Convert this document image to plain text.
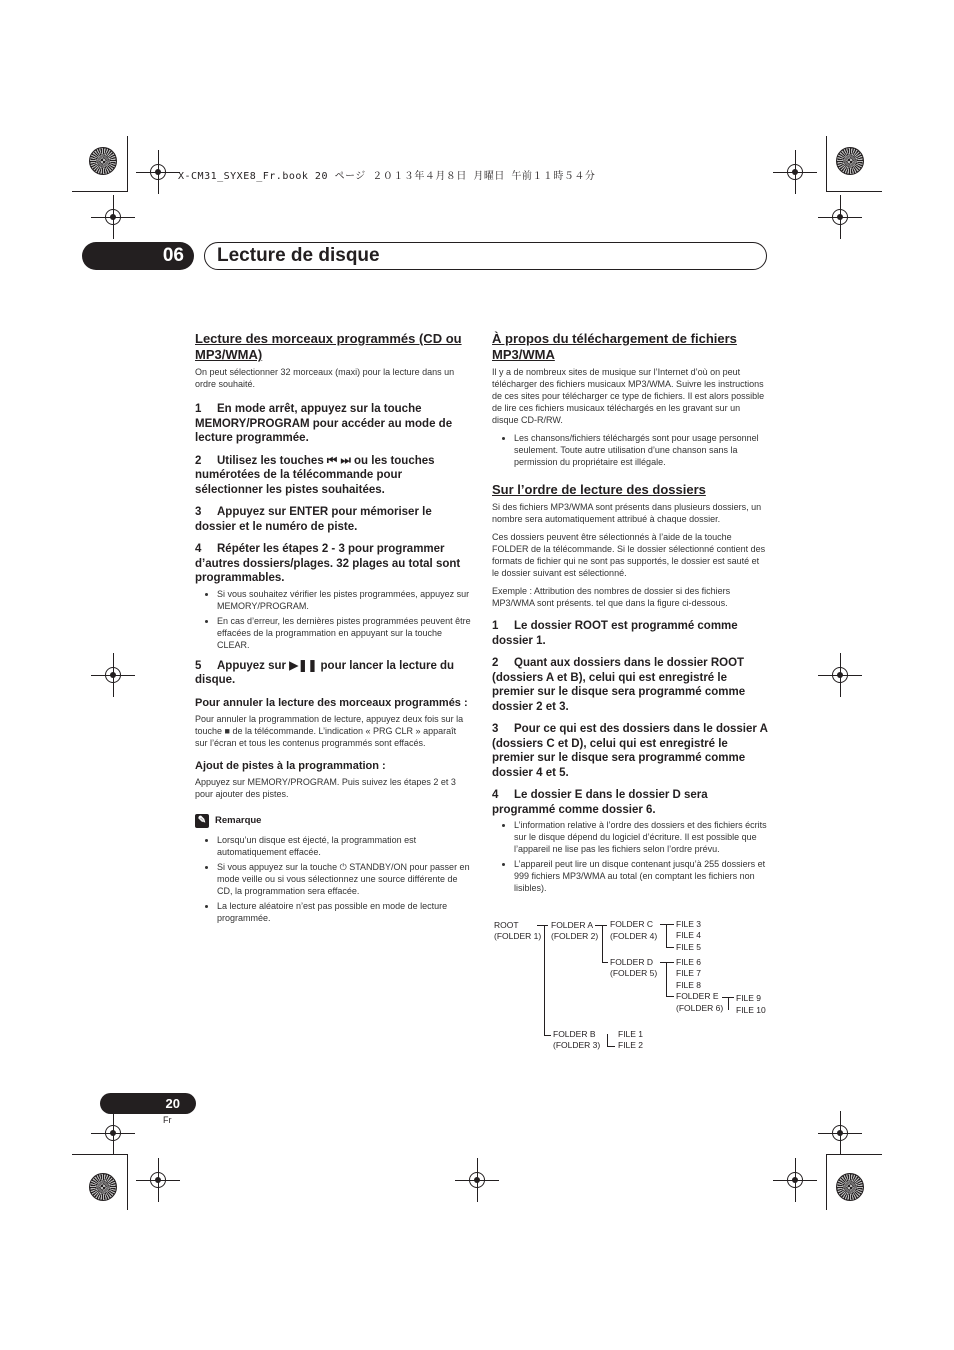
X-CM31_SYXE8_Fr.book 20 ページ ２０１３年４月８日 月曜日 午前１１時５４分
06	Lecture de disque
Lecture des morceaux programmés (CD ou MP3/WMA)

On peut sélectionner 32 morceaux (maxi) pour la lecture dans un ordre souhaité.

1 En mode arrêt, appuyez sur la touche MEMORY/PROGRAM pour accéder au mode de lecture programmée.
2 Utilisez les touches ⏮ ⏭ ou les touches numérotées de la télécommande pour sélectionner les pistes souhaitées.
3 Appuyez sur ENTER pour mémoriser le dossier et le numéro de piste.
4 Répéter les étapes 2 - 3 pour programmer d’autres dossiers/plages. 32 plages au total sont programmables.
• Si vous souhaitez vérifier les pistes programmées, appuyez sur MEMORY/PROGRAM.
• En cas d’erreur, les dernières pistes programmées peuvent être effacées de la programmation en appuyant sur la touche CLEAR.
5 Appuyez sur ▶❚❚ pour lancer la lecture du disque.
Pour annuler la lecture des morceaux programmés :

Pour annuler la programmation de lecture, appuyez deux fois sur la touche ■ de la télécommande. L’indication « PRG CLR » apparaît sur l’écran et tous les contenus programmés sont effacés.

Ajout de pistes à la programmation :

Appuyez sur MEMORY/PROGRAM. Puis suivez les étapes 2 et 3 pour ajouter des pistes.

✎ Remarque
• Lorsqu’un disque est éjecté, la programmation est automatiquement effacée.
• Si vous appuyez sur la touche ⏻ STANDBY/ON pour passer en mode veille ou si vous sélectionnez une source différente de CD, la programmation sera effacée.
• La lecture aléatoire n’est pas possible en mode de lecture programmée.
À propos du téléchargement de fichiers MP3/WMA

Il y a de nombreux sites de musique sur l’Internet d’où on peut télécharger des fichiers musicaux MP3/WMA. Suivre les instructions de ces sites pour télécharger ce type de fichiers. Il est alors possible de lire ces fichiers musicaux téléchargés en les gravant sur un disque CD-R/RW.

• Les chansons/fichiers téléchargés sont pour usage personnel seulement. Toute autre utilisation d’une chanson sans la permission du propriétaire est illégale.
Sur l’ordre de lecture des dossiers

Si des fichiers MP3/WMA sont présents dans plusieurs dossiers, un nombre sera automatiquement attribué à chaque dossier.

Ces dossiers peuvent être sélectionnés à l’aide de la touche FOLDER de la télécommande. Si le dossier sélectionné contient des formats de fichier qui ne sont pas supportés, le dossier est sauté et le dossier suivant est sélectionné.

Exemple : Attribution des nombres de dossier si des fichiers MP3/WMA sont présents. tel que dans la figure ci-dessous.

1 Le dossier ROOT est programmé comme dossier 1.
2 Quant aux dossiers dans le dossier ROOT (dossiers A et B), celui qui est enregistré le premier sur le disque sera programmé comme dossier 2 et 3.
3 Pour ce qui est des dossiers dans le dossier A (dossiers C et D), celui qui est enregistré le premier sur le disque sera programmé comme dossier 4 et 5.
4 Le dossier E dans le dossier D sera programmé comme dossier 6.
• L’information relative à l’ordre des dossiers et des fichiers écrits sur le disque dépend du logiciel d’écriture. Il est possible que l’appareil ne lise pas les fichiers selon l’ordre prévu.
• L’appareil peut lire un disque contenant jusqu’à 255 dossiers et 999 fichiers MP3/WMA au total (en comptant les fichiers non lisibles).
ROOT
(FOLDER 1)
FOLDER A
(FOLDER 2)
FOLDER C
(FOLDER 4)
FOLDER D
(FOLDER 5)
FOLDER E
(FOLDER 6)
FOLDER B
(FOLDER 3)
FILE 3
FILE 4
FILE 5
FILE 6
FILE 7
FILE 8
FILE 9
FILE 10
FILE 1
FILE 2
20
Fr
